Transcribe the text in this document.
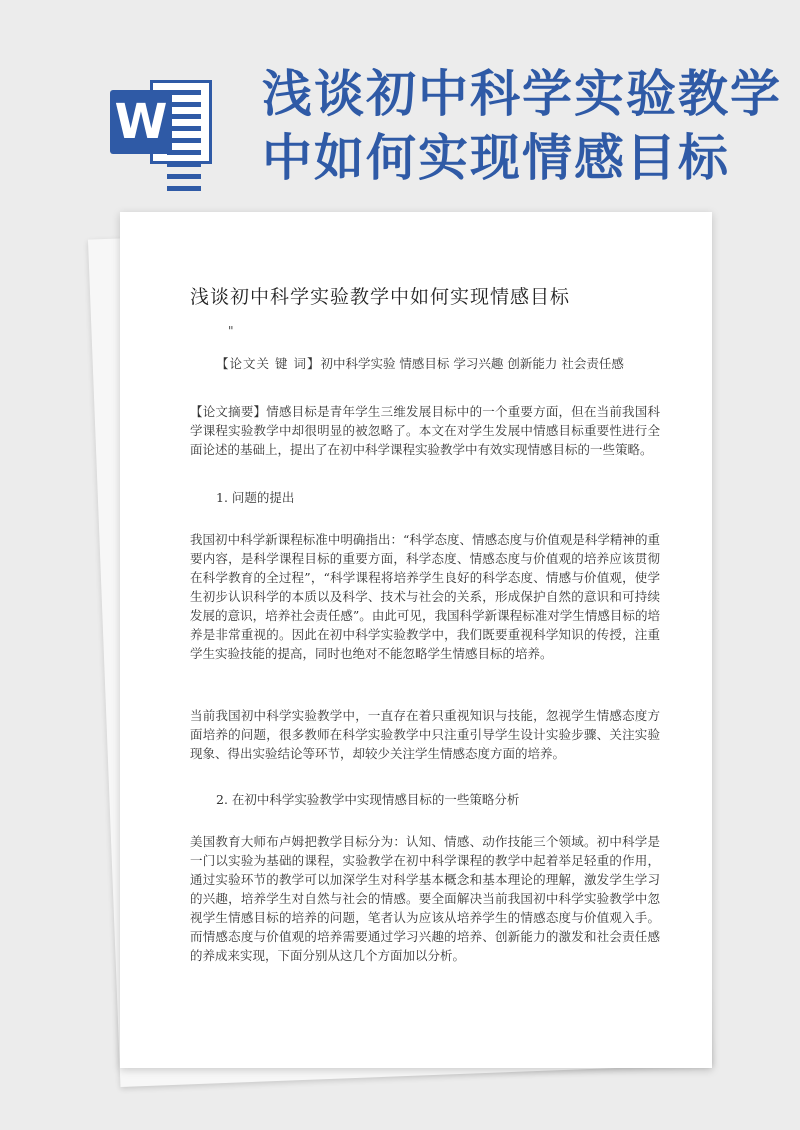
W 浅谈初中科学实验教学
中如何实现情感目标
浅谈初中科学实验教学中如何实现情感目标
"
【论文关 键 词】初中科学实验 情感目标 学习兴趣 创新能力 社会责任感

【论文摘要】情感目标是青年学生三维发展目标中的一个重要方面，但在当前我国科学课程实验教学中却很明显的被忽略了。本文在对学生发展中情感目标重要性进行全面论述的基础上，提出了在初中科学课程实验教学中有效实现情感目标的一些策略。

1. 问题的提出

我国初中科学新课程标准中明确指出：“科学态度、情感态度与价值观是科学精神的重要内容，是科学课程目标的重要方面，科学态度、情感态度与价值观的培养应该贯彻在科学教育的全过程”，“科学课程将培养学生良好的科学态度、情感与价值观，使学生初步认识科学的本质以及科学、技术与社会的关系，形成保护自然的意识和可持续发展的意识，培养社会责任感”。由此可见，我国科学新课程标准对学生情感目标的培养是非常重视的。因此在初中科学实验教学中，我们既要重视科学知识的传授，注重学生实验技能的提高，同时也绝对不能忽略学生情感目标的培养。

当前我国初中科学实验教学中，一直存在着只重视知识与技能，忽视学生情感态度方面培养的问题，很多教师在科学实验教学中只注重引导学生设计实验步骤、关注实验现象、得出实验结论等环节，却较少关注学生情感态度方面的培养。

2. 在初中科学实验教学中实现情感目标的一些策略分析

美国教育大师布卢姆把教学目标分为：认知、情感、动作技能三个领域。初中科学是一门以实验为基础的课程，实验教学在初中科学课程的教学中起着举足轻重的作用，通过实验环节的教学可以加深学生对科学基本概念和基本理论的理解，激发学生学习的兴趣，培养学生对自然与社会的情感。要全面解决当前我国初中科学实验教学中忽视学生情感目标的培养的问题，笔者认为应该从培养学生的情感态度与价值观入手。而情感态度与价值观的培养需要通过学习兴趣的培养、创新能力的激发和社会责任感的养成来实现，下面分别从这几个方面加以分析。
